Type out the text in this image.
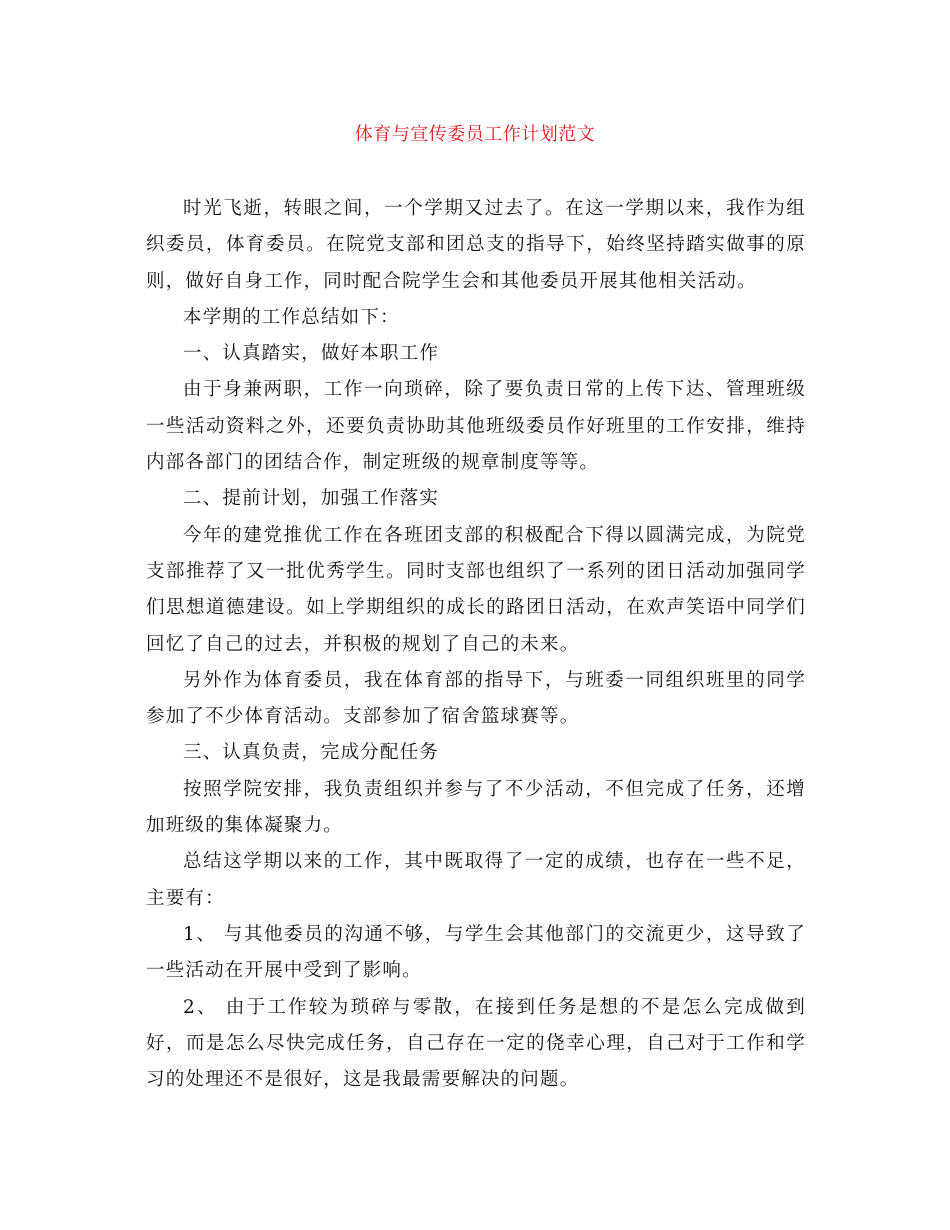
体育与宣传委员工作计划范文

时光飞逝，转眼之间，一个学期又过去了。在这一学期以来，我作为组织委员，体育委员。在院党支部和团总支的指导下，始终坚持踏实做事的原则，做好自身工作，同时配合院学生会和其他委员开展其他相关活动。

本学期的工作总结如下：

一、认真踏实，做好本职工作

由于身兼两职，工作一向琐碎，除了要负责日常的上传下达、管理班级一些活动资料之外，还要负责协助其他班级委员作好班里的工作安排，维持内部各部门的团结合作，制定班级的规章制度等等。

二、提前计划，加强工作落实

今年的建党推优工作在各班团支部的积极配合下得以圆满完成，为院党支部推荐了又一批优秀学生。同时支部也组织了一系列的团日活动加强同学们思想道德建设。如上学期组织的成长的路团日活动，在欢声笑语中同学们回忆了自己的过去，并积极的规划了自己的未来。

另外作为体育委员，我在体育部的指导下，与班委一同组织班里的同学参加了不少体育活动。支部参加了宿舍篮球赛等。

三、认真负责，完成分配任务

按照学院安排，我负责组织并参与了不少活动，不但完成了任务，还增加班级的集体凝聚力。

总结这学期以来的工作，其中既取得了一定的成绩，也存在一些不足，主要有：

1、 与其他委员的沟通不够，与学生会其他部门的交流更少，这导致了一些活动在开展中受到了影响。

2、 由于工作较为琐碎与零散，在接到任务是想的不是怎么完成做到好，而是怎么尽快完成任务，自己存在一定的侥幸心理，自己对于工作和学习的处理还不是很好，这是我最需要解决的问题。
